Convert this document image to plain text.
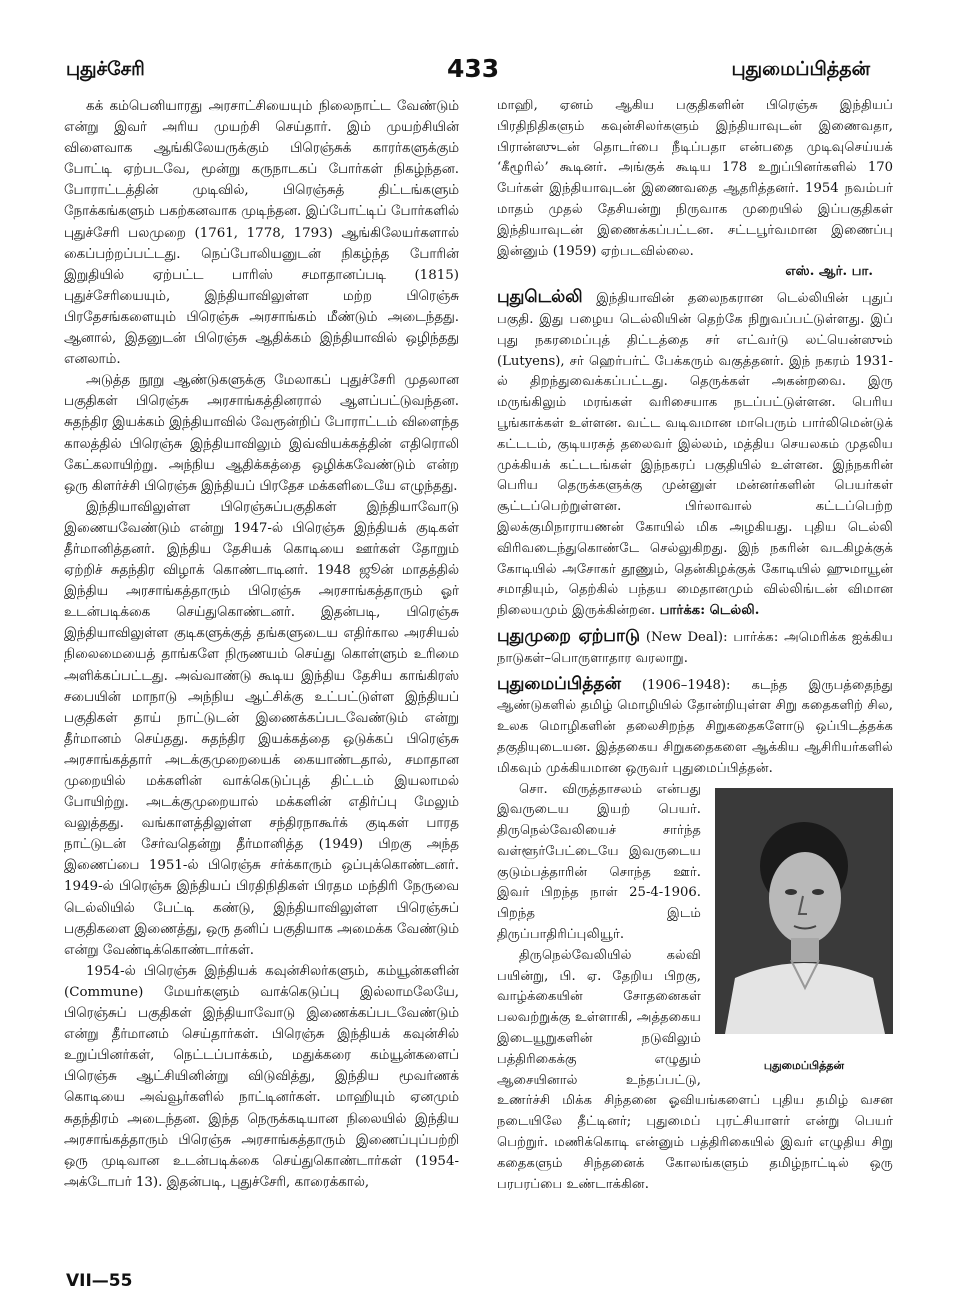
புதுச்சேரி	433	புதுமைப்பித்தன்

கக் கம்பெனியாரது அரசாட்சியையும் நிலைநாட்ட வேண்டும் என்று இவர் அரிய முயற்சி செய்தார். இம் முயற்சியின் விளைவாக ஆங்கிலேயருக்கும் பிரெஞ்சுக் காரர்களுக்கும் போட்டி ஏற்படவே, மூன்று கருநாடகப் போர்கள் நிகழ்ந்தன. போராட்டத்தின் முடிவில், பிரெஞ்சுத் திட்டங்களும் நோக்கங்களும் பகற்கனவாக முடிந்தன. இப்போட்டிப் போர்களில் புதுச்சேரி பலமுறை (1761, 1778, 1793) ஆங்கிலேயர்களால் கைப்பற்றப்பட்டது. நெப்போலியனுடன் நிகழ்ந்த போரின் இறுதியில் ஏற்பட்ட பாரிஸ் சமாதானப்படி (1815) புதுச்சேரியையும், இந்தியாவிலுள்ள மற்ற பிரெஞ்சு பிரதேசங்களையும் பிரெஞ்சு அரசாங்கம் மீண்டும் அடைந்தது. ஆனால், இதனுடன் பிரெஞ்சு ஆதிக்கம் இந்தியாவில் ஒழிந்தது எனலாம்.

அடுத்த நூறு ஆண்டுகளுக்கு மேலாகப் புதுச்சேரி முதலான பகுதிகள் பிரெஞ்சு அரசாங்கத்தினரால் ஆளப்பட்டுவந்தன. சுதந்திர இயக்கம் இந்தியாவில் வேரூன்றிப் போராட்டம் விளைந்த காலத்தில் பிரெஞ்சு இந்தியாவிலும் இவ்வியக்கத்தின் எதிரொலி கேட்கலாயிற்று. அந்நிய ஆதிக்கத்தை ஒழிக்கவேண்டும் என்ற ஒரு கிளர்ச்சி பிரெஞ்சு இந்தியப் பிரதேச மக்களிடையே எழுந்தது.

இந்தியாவிலுள்ள பிரெஞ்சுப்பகுதிகள் இந்தியாவோடு இணையவேண்டும் என்று 1947-ல் பிரெஞ்சு இந்தியக் குடிகள் தீர்மானித்தனர். இந்திய தேசியக் கொடியை ஊர்கள் தோறும் ஏற்றிச் சுதந்திர விழாக் கொண்டாடினர். 1948 ஜூன் மாதத்தில் இந்திய அரசாங்கத்தாரும் பிரெஞ்சு அரசாங்கத்தாரும் ஓர் உடன்படிக்கை செய்துகொண்டனர். இதன்படி, பிரெஞ்சு இந்தியாவிலுள்ள குடிகளுக்குத் தங்களுடைய எதிர்கால அரசியல் நிலைமையைத் தாங்களே நிருணயம் செய்து கொள்ளும் உரிமை அளிக்கப்பட்டது. அவ்வாண்டு கூடிய இந்திய தேசிய காங்கிரஸ் சபையின் மாநாடு அந்நிய ஆட்சிக்கு உட்பட்டுள்ள இந்தியப் பகுதிகள் தாய் நாட்டுடன் இணைக்கப்படவேண்டும் என்று தீர்மானம் செய்தது. சுதந்திர இயக்கத்தை ஒடுக்கப் பிரெஞ்சு அரசாங்கத்தார் அடக்குமுறையைக் கையாண்டதால், சமாதான முறையில் மக்களின் வாக்கெடுப்புத் திட்டம் இயலாமல் போயிற்று. அடக்குமுறையால் மக்களின் எதிர்ப்பு மேலும் வலுத்தது. வங்காளத்திலுள்ள சந்திரநாகூர்க் குடிகள் பாரத நாட்டுடன் சேர்வதென்று தீர்மானித்த (1949) பிறகு அந்த இணைப்பை 1951-ல் பிரெஞ்சு சர்க்காரும் ஒப்புக்கொண்டனர். 1949-ல் பிரெஞ்சு இந்தியப் பிரதிநிதிகள் பிரதம மந்திரி நேருவை டெல்லியில் பேட்டி கண்டு, இந்தியாவிலுள்ள பிரெஞ்சுப் பகுதிகளை இணைத்து, ஒரு தனிப் பகுதியாக அமைக்க வேண்டும் என்று வேண்டிக்கொண்டார்கள்.

1954-ல் பிரெஞ்சு இந்தியக் கவுன்சிலர்களும், கம்யூன்களின் (Commune) மேயர்களும் வாக்கெடுப்பு இல்லாமலேயே, பிரெஞ்சுப் பகுதிகள் இந்தியாவோடு இணைக்கப்படவேண்டும் என்று தீர்மானம் செய்தார்கள். பிரெஞ்சு இந்தியக் கவுன்சில் உறுப்பினர்கள், நெட்டப்பாக்கம், மதுக்கரை கம்யூன்களைப் பிரெஞ்சு ஆட்சியினின்று விடுவித்து, இந்திய மூவர்ணக் கொடியை அவ்வூர்களில் நாட்டினர்கள். மாஹியும் ஏனமும் சுதந்திரம் அடைந்தன. இந்த நெருக்கடியான நிலையில் இந்திய அரசாங்கத்தாரும் பிரெஞ்சு அரசாங்கத்தாரும் இணைப்புப்பற்றி ஒரு முடிவான உடன்படிக்கை செய்துகொண்டார்கள் (1954-அக்டோபர் 13). இதன்படி, புதுச்சேரி, காரைக்கால்,

மாஹி, ஏனம் ஆகிய பகுதிகளின் பிரெஞ்சு இந்தியப் பிரதிநிதிகளும் கவுன்சிலர்களும் இந்தியாவுடன் இணைவதா, பிரான்ஸுடன் தொடர்பை நீடிப்பதா என்பதை முடிவுசெய்யக் ‘கீழூரில்’ கூடினர். அங்குக் கூடிய 178 உறுப்பினர்களில் 170 பேர்கள் இந்தியாவுடன் இணைவதை ஆதரித்தனர். 1954 நவம்பர் மாதம் முதல் தேசியன்று நிருவாக முறையில் இப்பகுதிகள் இந்தியாவுடன் இணைக்கப்பட்டன. சட்டபூர்வமான இணைப்பு இன்னும் (1959) ஏற்படவில்லை.

எஸ். ஆர். பா.

புதுடெல்லி இந்தியாவின் தலைநகரான டெல்லியின் புதுப் பகுதி. இது பழைய டெல்லியின் தெற்கே நிறுவப்பட்டுள்ளது. இப் புது நகரமைப்புத் திட்டத்தை சர் எட்வர்டு லட்யென்ஸும் (Lutyens), சர் ஹெர்பர்ட் பேக்கரும் வகுத்தனர். இந் நகரம் 1931-ல் திறந்துவைக்கப்பட்டது. தெருக்கள் அகன்றவை. இரு மருங்கிலும் மரங்கள் வரிசையாக நடப்பட்டுள்ளன. பெரிய பூங்காக்கள் உள்ளன. வட்ட வடிவமான மாபெரும் பார்லிமென்டுக் கட்டடம், குடியரசுத் தலைவர் இல்லம், மத்திய செயலகம் முதலிய முக்கியக் கட்டடங்கள் இந்நகரப் பகுதியில் உள்ளன. இந்நகரின் பெரிய தெருக்களுக்கு முன்னுள் மன்னர்களின் பெயர்கள் சூட்டப்பெற்றுள்ளன. பிர்லாவால் கட்டப்பெற்ற இலக்குமிநாராயணன் கோயில் மிக அழகியது. புதிய டெல்லி விரிவடைந்துகொண்டே செல்லுகிறது. இந் நகரின் வடகிழக்குக் கோடியில் அசோகர் தூணும், தென்கிழக்குக் கோடியில் ஹுமாயூன் சமாதியும், தெற்கில் பந்தய மைதானமும் வில்லிங்டன் விமான நிலையமும் இருக்கின்றன. பார்க்க: டெல்லி.

புதுமுறை ஏற்பாடு (New Deal): பார்க்க: அமெரிக்க ஐக்கிய நாடுகள்–பொருளாதார வரலாறு.

புதுமைப்பித்தன் (1906–1948): கடந்த இருபத்தைந்து ஆண்டுகளில் தமிழ் மொழியில் தோன்றியுள்ள சிறு கதைகளிற் சில, உலக மொழிகளின் தலைசிறந்த சிறுகதைகளோடு ஒப்பிடத்தக்க தகுதியுடையன. இத்தகைய சிறுகதைகளை ஆக்கிய ஆசிரியர்களில் மிகவும் முக்கியமான ஒருவர் புதுமைப்பித்தன்.

புதுமைப்பித்தன்

சொ. விருத்தாசலம் என்பது இவருடைய இயற் பெயர். திருநெல்வேலியைச் சார்ந்த வள்ளூர்பேட்டையே இவருடைய குடும்பத்தாரின் சொந்த ஊர். இவர் பிறந்த நாள் 25-4-1906. பிறந்த இடம் திருப்பாதிரிப்புலியூர்.

திருநெல்வேலியில் கல்வி பயின்று, பி. ஏ. தேறிய பிறகு, வாழ்க்கையின் சோதனைகள் பலவற்றுக்கு உள்ளாகி, அத்தகைய இடையூறுகளின் நடுவிலும் பத்திரிகைக்கு எழுதும் ஆசையினால் உந்தப்பட்டு, உணர்ச்சி மிக்க சிந்தனை ஓவியங்களைப் புதிய தமிழ் வசன நடையிலே தீட்டினர்; புதுமைப் புரட்சியாளர் என்று பெயர் பெற்றுர். மணிக்கொடி என்னும் பத்திரிகையில் இவர் எழுதிய சிறு கதைகளும் சிந்தனைக் கோலங்களும் தமிழ்நாட்டில் ஒரு பரபரப்பை உண்டாக்கின.

VII—55
